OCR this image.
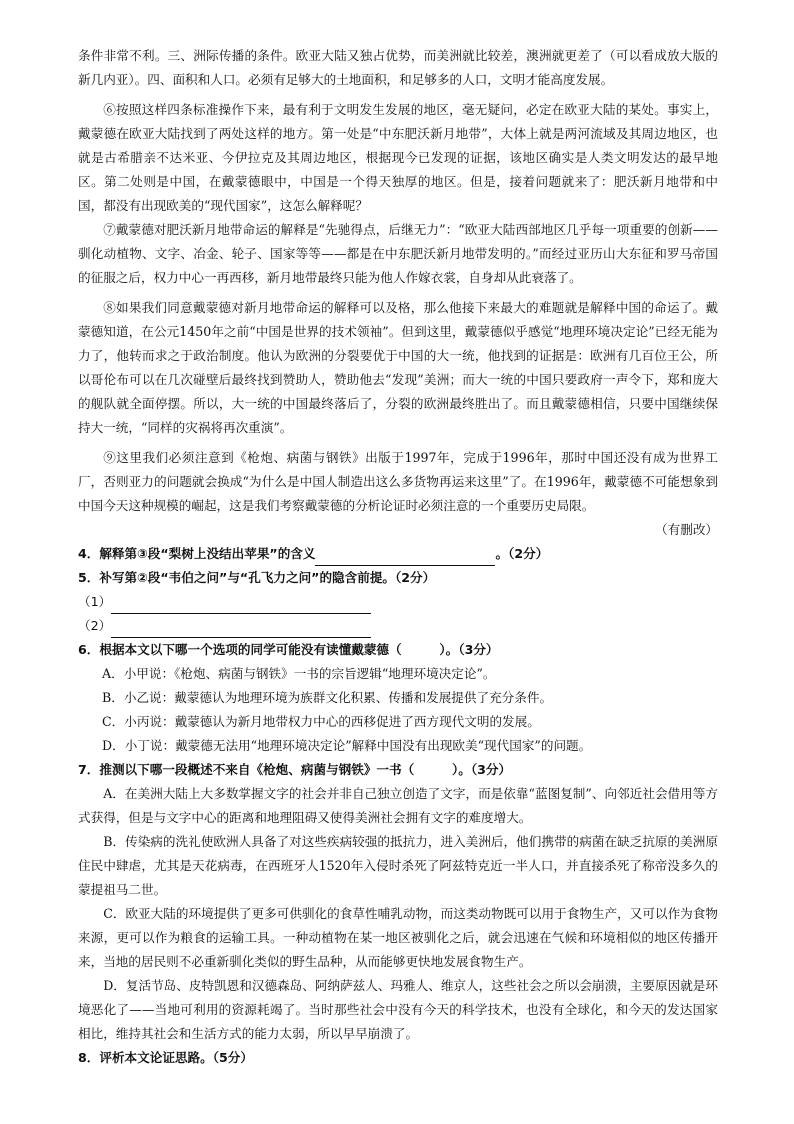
条件非常不利。三、洲际传播的条件。欧亚大陆又独占优势，而美洲就比较差，澳洲就更差了（可以看成放大版的新几内亚）。四、面积和人口。必须有足够大的土地面积，和足够多的人口，文明才能高度发展。

⑥按照这样四条标准操作下来，最有利于文明发生发展的地区，毫无疑问，必定在欧亚大陆的某处。事实上，戴蒙德在欧亚大陆找到了两处这样的地方。第一处是“中东肥沃新月地带”，大体上就是两河流域及其周边地区，也就是古希腊亲不达米亚、今伊拉克及其周边地区，根据现今已发现的证据，该地区确实是人类文明发达的最早地区。第二处则是中国，在戴蒙德眼中，中国是一个得天独厚的地区。但是，接着问题就来了：肥沃新月地带和中国，都没有出现欧美的“现代国家”，这怎么解释呢？

⑦戴蒙德对肥沃新月地带命运的解释是“先驰得点，后继无力”：“欧亚大陆西部地区几乎每一项重要的创新——驯化动植物、文字、冶金、轮子、国家等等——都是在中东肥沃新月地带发明的。”而经过亚历山大东征和罗马帝国的征服之后，权力中心一再西移，新月地带最终只能为他人作嫁衣裳，自身却从此衰落了。

⑧如果我们同意戴蒙德对新月地带命运的解释可以及格，那么他接下来最大的难题就是解释中国的命运了。戴蒙德知道，在公元1450年之前“中国是世界的技术领袖”。但到这里，戴蒙德似乎感觉“地理环境决定论”已经无能为力了，他转而求之于政治制度。他认为欧洲的分裂要优于中国的大一统，他找到的证据是：欧洲有几百位王公，所以哥伦布可以在几次碰壁后最终找到赞助人，赞助他去“发现”美洲；而大一统的中国只要政府一声令下，郑和庞大的舰队就全面停摆。所以，大一统的中国最终落后了，分裂的欧洲最终胜出了。而且戴蒙德相信，只要中国继续保持大一统，“同样的灾祸将再次重演”。

⑨这里我们必须注意到《枪炮、病菌与钢铁》出版于1997年，完成于1996年，那时中国还没有成为世界工厂，否则亚力的问题就会换成“为什么是中国人制造出这么多货物再运来这里”了。在1996年，戴蒙德不可能想象到中国今天这种规模的崛起，这是我们考察戴蒙德的分析论证时必须注意的一个重要历史局限。

（有删改）

4．解释第③段“梨树上没结出苹果”的含义	。（2分）

5．补写第②段“韦伯之问”与“孔飞力之问”的隐含前提。（2分）

（1）

（2）

6．根据本文以下哪一个选项的同学可能没有读懂戴蒙德（　　　）。（3分）

A．小甲说：《枪炮、病菌与钢铁》一书的宗旨逻辑“地理环境决定论”。

B．小乙说：戴蒙德认为地理环境为族群文化积累、传播和发展提供了充分条件。

C．小丙说：戴蒙德认为新月地带权力中心的西移促进了西方现代文明的发展。

D．小丁说：戴蒙德无法用“地理环境决定论”解释中国没有出现欧美“现代国家”的问题。

7．推测以下哪一段概述不来自《枪炮、病菌与钢铁》一书（　　　）。（3分）

A．在美洲大陆上大多数掌握文字的社会并非自己独立创造了文字，而是依靠“蓝图复制”、向邻近社会借用等方式获得，但是与文字中心的距离和地理阻碍又使得美洲社会拥有文字的难度增大。

B．传染病的洗礼使欧洲人具备了对这些疾病较强的抵抗力，进入美洲后，他们携带的病菌在缺乏抗原的美洲原住民中肆虐，尤其是天花病毒，在西班牙人1520年入侵时杀死了阿兹特克近一半人口，并直接杀死了称帝没多久的蒙提祖马二世。

C．欧亚大陆的环境提供了更多可供驯化的食草性哺乳动物，而这类动物既可以用于食物生产，又可以作为食物来源，更可以作为粮食的运输工具。一种动植物在某一地区被驯化之后，就会迅速在气候和环境相似的地区传播开来，当地的居民则不必重新驯化类似的野生品种，从而能够更快地发展食物生产。

D．复活节岛、皮特凯恩和汉德森岛、阿纳萨兹人、玛雅人、维京人，这些社会之所以会崩溃，主要原因就是环境恶化了——当地可利用的资源耗竭了。当时那些社会中没有今天的科学技术，也没有全球化，和今天的发达国家相比，维持其社会和生活方式的能力太弱，所以早早崩溃了。

8．评析本文论证思路。（5分）
